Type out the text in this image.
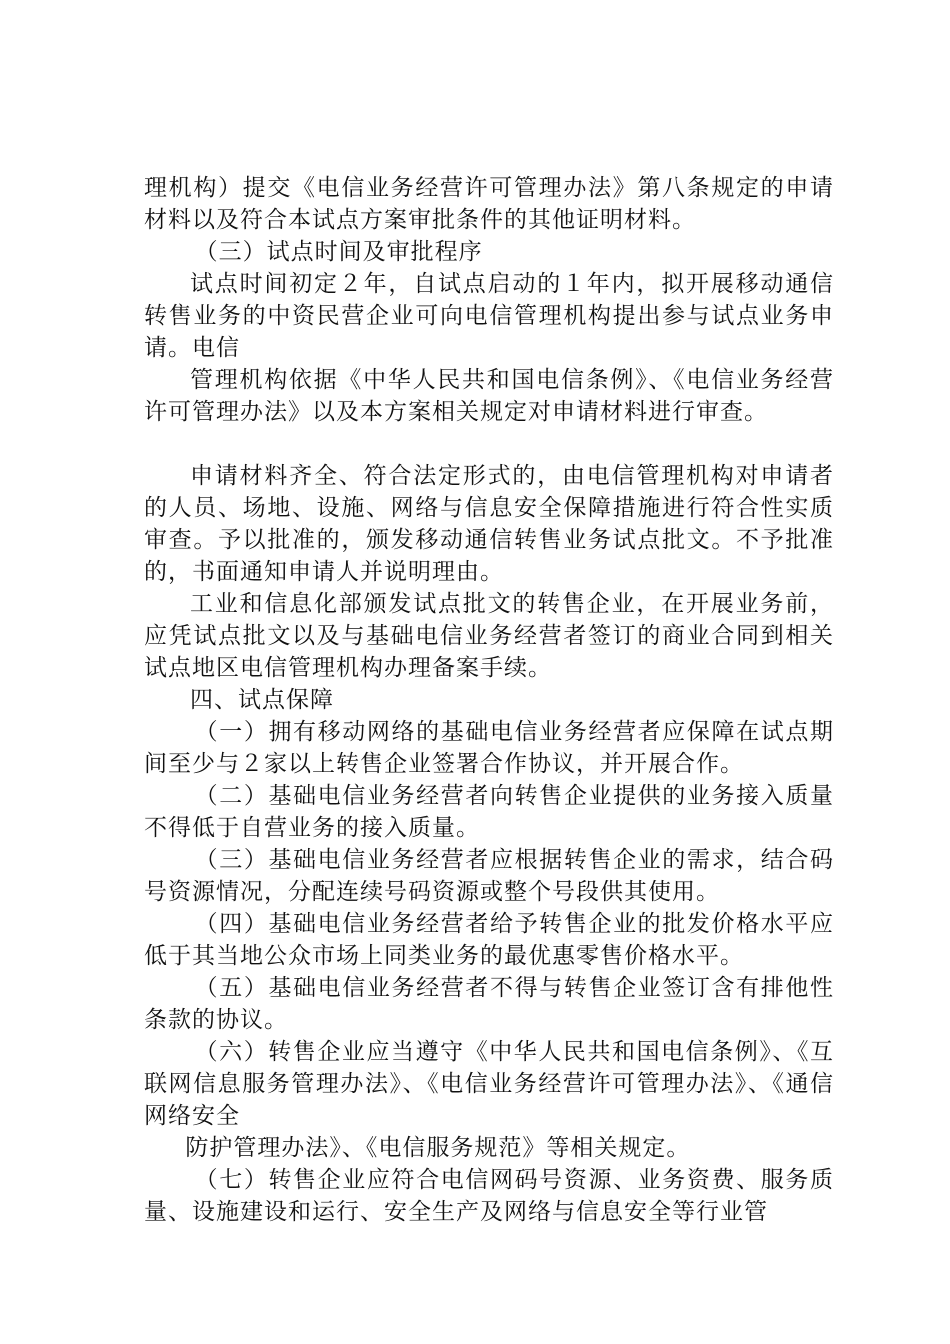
理机构）提交《电信业务经营许可管理办法》第八条规定的申请材料以及符合本试点方案审批条件的其他证明材料。

（三）试点时间及审批程序

试点时间初定２年，自试点启动的１年内，拟开展移动通信转售业务的中资民营企业可向电信管理机构提出参与试点业务申请。电信

管理机构依据《中华人民共和国电信条例》、《电信业务经营许可管理办法》以及本方案相关规定对申请材料进行审查。

申请材料齐全、符合法定形式的，由电信管理机构对申请者的人员、场地、设施、网络与信息安全保障措施进行符合性实质审查。予以批准的，颁发移动通信转售业务试点批文。不予批准的，书面通知申请人并说明理由。

工业和信息化部颁发试点批文的转售企业，在开展业务前，应凭试点批文以及与基础电信业务经营者签订的商业合同到相关试点地区电信管理机构办理备案手续。

四、试点保障

（一）拥有移动网络的基础电信业务经营者应保障在试点期间至少与２家以上转售企业签署合作协议，并开展合作。

（二）基础电信业务经营者向转售企业提供的业务接入质量不得低于自营业务的接入质量。

（三）基础电信业务经营者应根据转售企业的需求，结合码号资源情况，分配连续号码资源或整个号段供其使用。

（四）基础电信业务经营者给予转售企业的批发价格水平应低于其当地公众市场上同类业务的最优惠零售价格水平。

（五）基础电信业务经营者不得与转售企业签订含有排他性条款的协议。

（六）转售企业应当遵守《中华人民共和国电信条例》、《互联网信息服务管理办法》、《电信业务经营许可管理办法》、《通信网络安全

防护管理办法》、《电信服务规范》等相关规定。

（七）转售企业应符合电信网码号资源、业务资费、服务质量、设施建设和运行、安全生产及网络与信息安全等行业管
